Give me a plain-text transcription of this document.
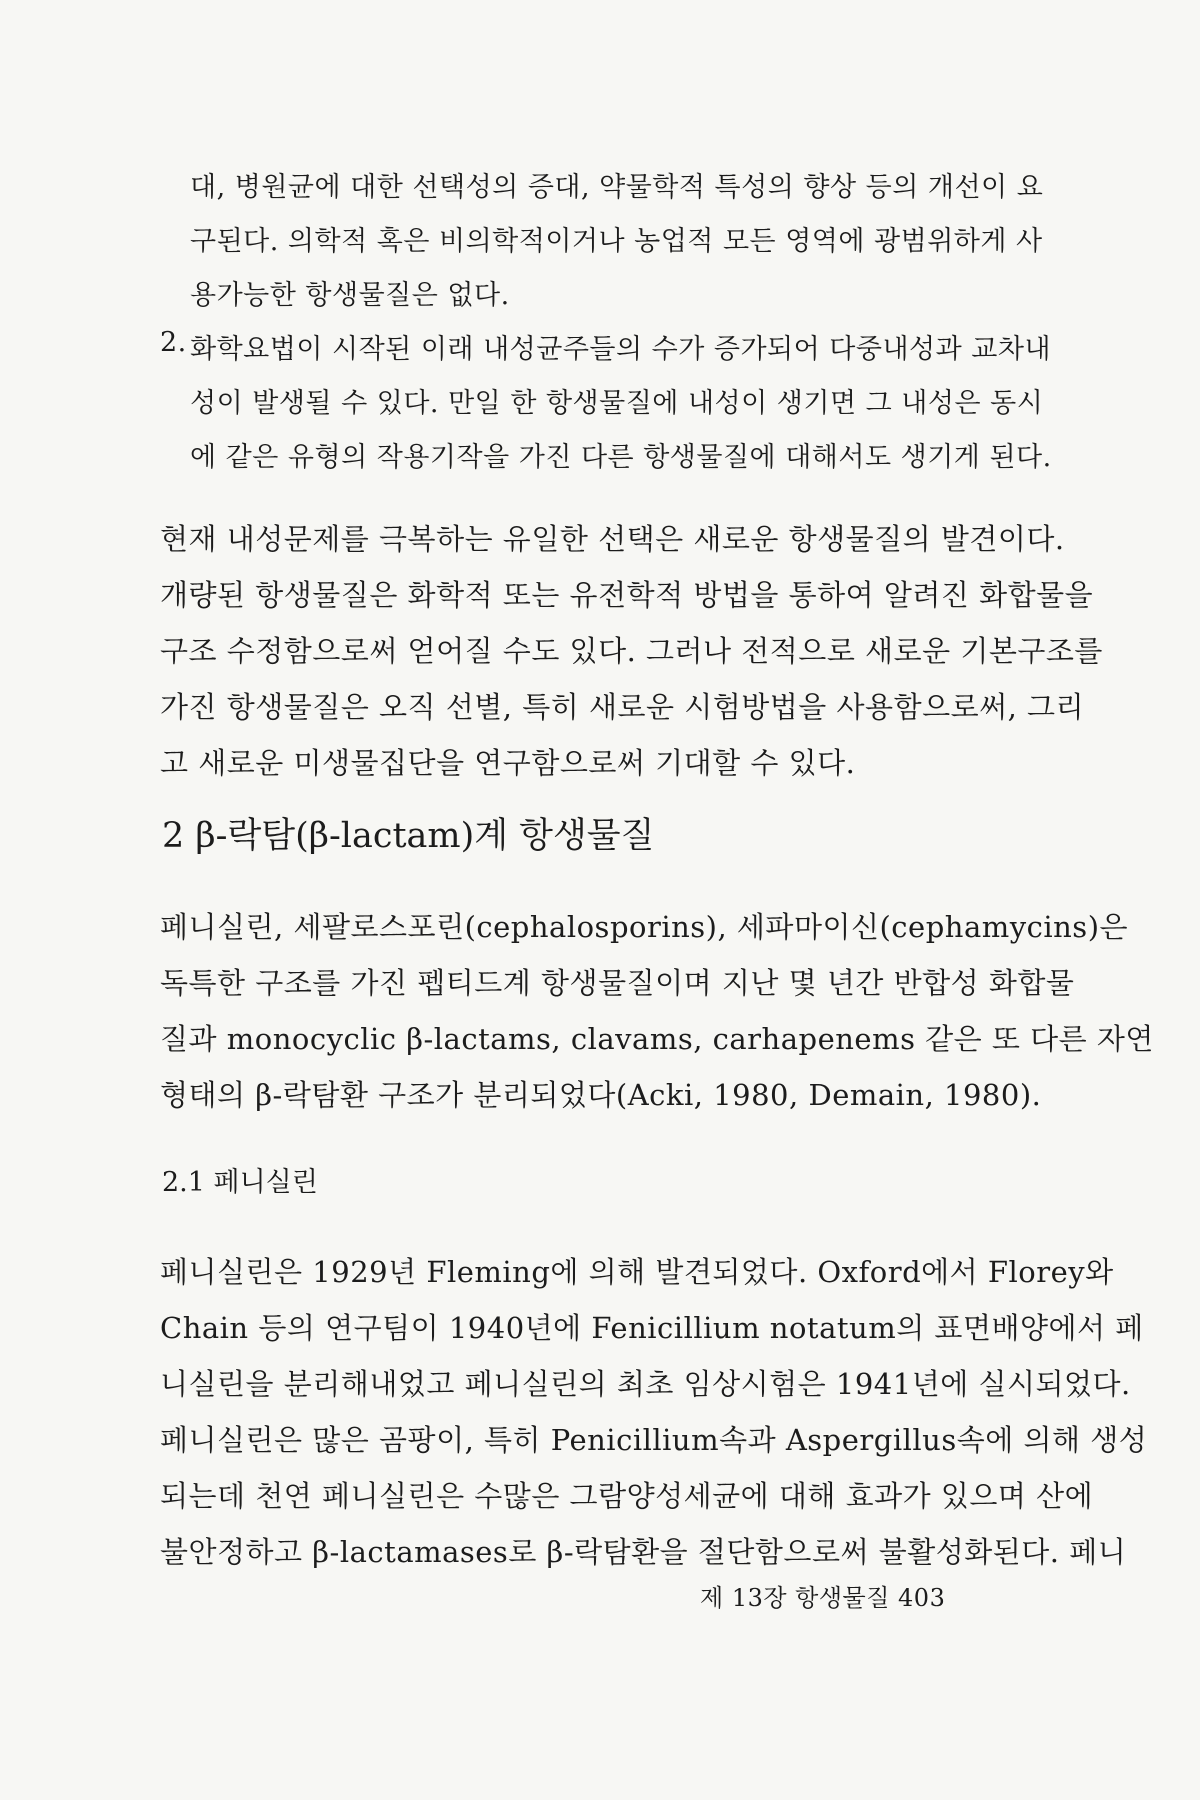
대, 병원균에 대한 선택성의 증대, 약물학적 특성의 향상 등의 개선이 요
구된다. 의학적 혹은 비의학적이거나 농업적 모든 영역에 광범위하게 사
용가능한 항생물질은 없다.
2. 화학요법이 시작된 이래 내성균주들의 수가 증가되어 다중내성과 교차내
성이 발생될 수 있다. 만일 한 항생물질에 내성이 생기면 그 내성은 동시
에 같은 유형의 작용기작을 가진 다른 항생물질에 대해서도 생기게 된다.
현재 내성문제를 극복하는 유일한 선택은 새로운 항생물질의 발견이다.
개량된 항생물질은 화학적 또는 유전학적 방법을 통하여 알려진 화합물을
구조 수정함으로써 얻어질 수도 있다. 그러나 전적으로 새로운 기본구조를
가진 항생물질은 오직 선별, 특히 새로운 시험방법을 사용함으로써, 그리
고 새로운 미생물집단을 연구함으로써 기대할 수 있다.
2 β-락탐(β-lactam)계 항생물질
페니실린, 세팔로스포린(cephalosporins), 세파마이신(cephamycins)은
독특한 구조를 가진 펩티드계 항생물질이며 지난 몇 년간 반합성 화합물
질과 monocyclic β-lactams, clavams, carhapenems 같은 또 다른 자연
형태의 β-락탐환 구조가 분리되었다(Acki, 1980, Demain, 1980).
2.1 페니실린
페니실린은 1929년 Fleming에 의해 발견되었다. Oxford에서 Florey와
Chain 등의 연구팀이 1940년에 Fenicillium notatum의 표면배양에서 페
니실린을 분리해내었고 페니실린의 최초 임상시험은 1941년에 실시되었다.
페니실린은 많은 곰팡이, 특히 Penicillium속과 Aspergillus속에 의해 생성
되는데 천연 페니실린은 수많은 그람양성세균에 대해 효과가 있으며 산에
불안정하고 β-lactamases로 β-락탐환을 절단함으로써 불활성화된다. 페니
제 13장 항생물질 403
